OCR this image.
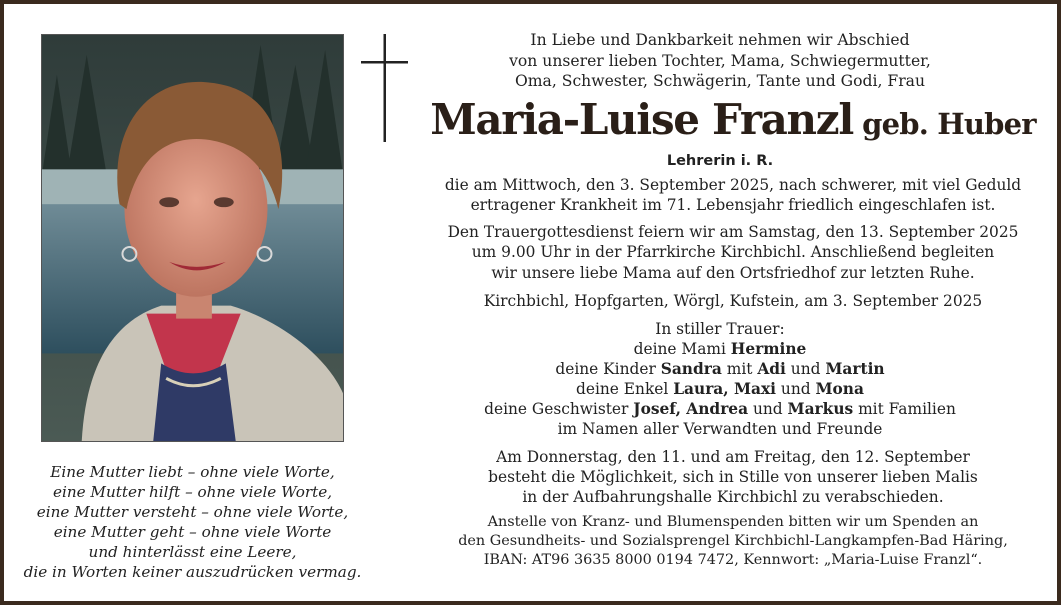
Eine Mutter liebt – ohne viele Worte,
eine Mutter hilft – ohne viele Worte,
eine Mutter versteht – ohne viele Worte,
eine Mutter geht – ohne viele Worte
und hinterlässt eine Leere,
die in Worten keiner auszudrücken vermag.
In Liebe und Dankbarkeit nehmen wir Abschied
von unserer lieben Tochter, Mama, Schwiegermutter,
Oma, Schwester, Schwägerin, Tante und Godi, Frau
Maria-Luise Franzl geb. Huber
Lehrerin i. R.
die am Mittwoch, den 3. September 2025, nach schwerer, mit viel Geduld
ertragener Krankheit im 71. Lebensjahr friedlich eingeschlafen ist.
Den Trauergottesdienst feiern wir am Samstag, den 13. September 2025
um 9.00 Uhr in der Pfarrkirche Kirchbichl. Anschließend begleiten
wir unsere liebe Mama auf den Ortsfriedhof zur letzten Ruhe.
Kirchbichl, Hopfgarten, Wörgl, Kufstein, am 3. September 2025
In stiller Trauer:
deine Mami Hermine
deine Kinder Sandra mit Adi und Martin
deine Enkel Laura, Maxi und Mona
deine Geschwister Josef, Andrea und Markus mit Familien
im Namen aller Verwandten und Freunde
Am Donnerstag, den 11. und am Freitag, den 12. September
besteht die Möglichkeit, sich in Stille von unserer lieben Malis
in der Aufbahrungshalle Kirchbichl zu verabschieden.
Anstelle von Kranz- und Blumenspenden bitten wir um Spenden an
den Gesundheits- und Sozialsprengel Kirchbichl-Langkampfen-Bad Häring,
IBAN: AT96 3635 8000 0194 7472, Kennwort: „Maria-Luise Franzl“.
